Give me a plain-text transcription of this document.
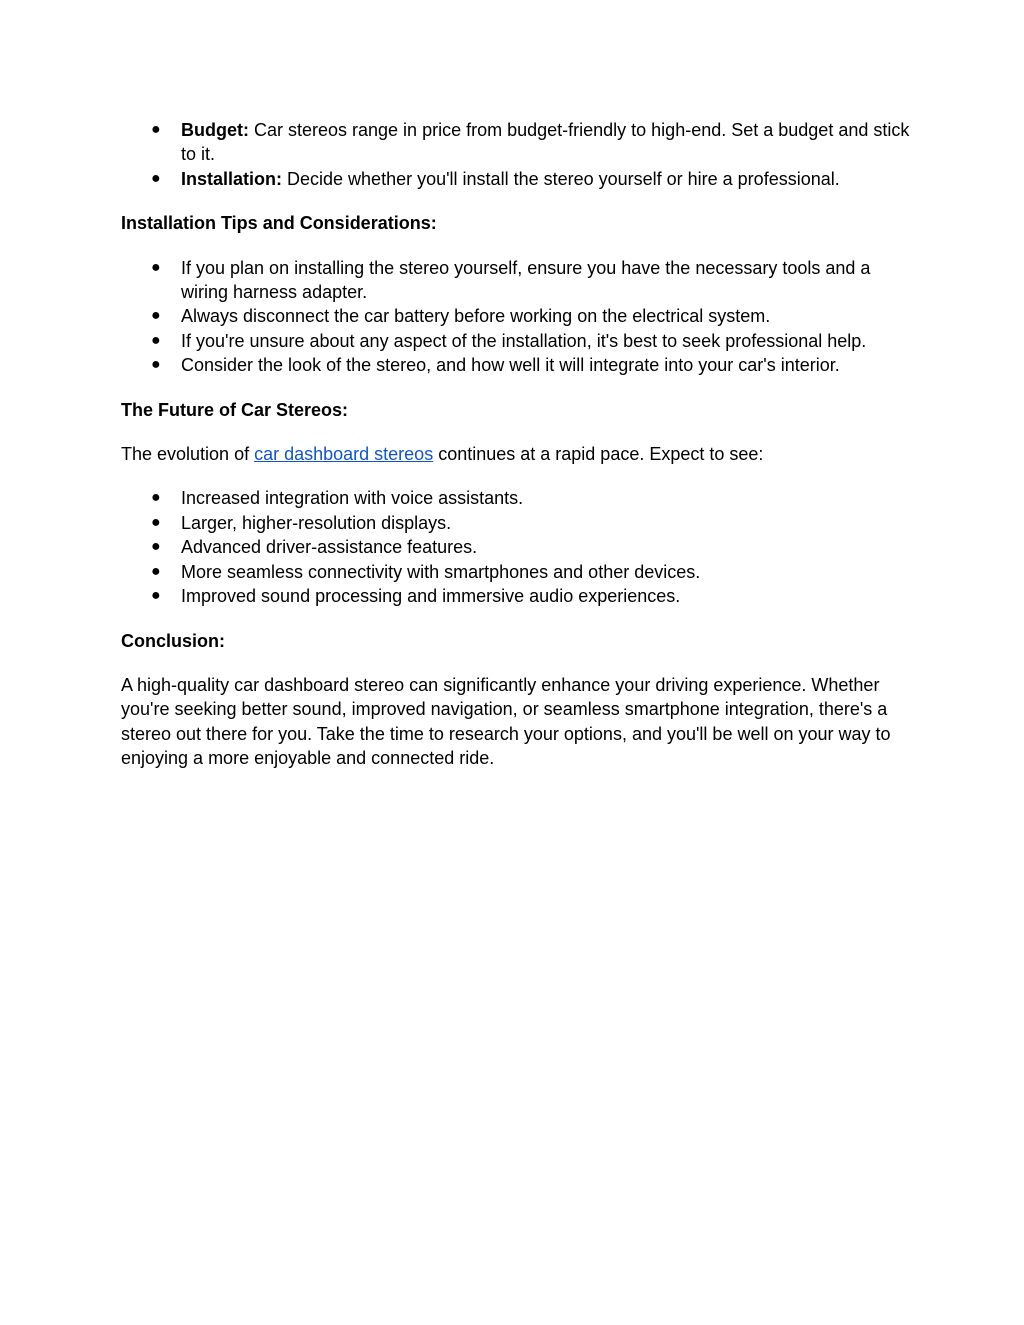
●	Budget: Car stereos range in price from budget-friendly to high-end. Set a budget and stick to it.
●	Installation: Decide whether you'll install the stereo yourself or hire a professional.

Installation Tips and Considerations:

●	If you plan on installing the stereo yourself, ensure you have the necessary tools and a wiring harness adapter.
●	Always disconnect the car battery before working on the electrical system.
●	If you're unsure about any aspect of the installation, it's best to seek professional help.
●	Consider the look of the stereo, and how well it will integrate into your car's interior.

The Future of Car Stereos:

The evolution of car dashboard stereos continues at a rapid pace. Expect to see:

●	Increased integration with voice assistants.
●	Larger, higher-resolution displays.
●	Advanced driver-assistance features.
●	More seamless connectivity with smartphones and other devices.
●	Improved sound processing and immersive audio experiences.

Conclusion:

A high-quality car dashboard stereo can significantly enhance your driving experience. Whether you're seeking better sound, improved navigation, or seamless smartphone integration, there's a stereo out there for you. Take the time to research your options, and you'll be well on your way to enjoying a more enjoyable and connected ride.
